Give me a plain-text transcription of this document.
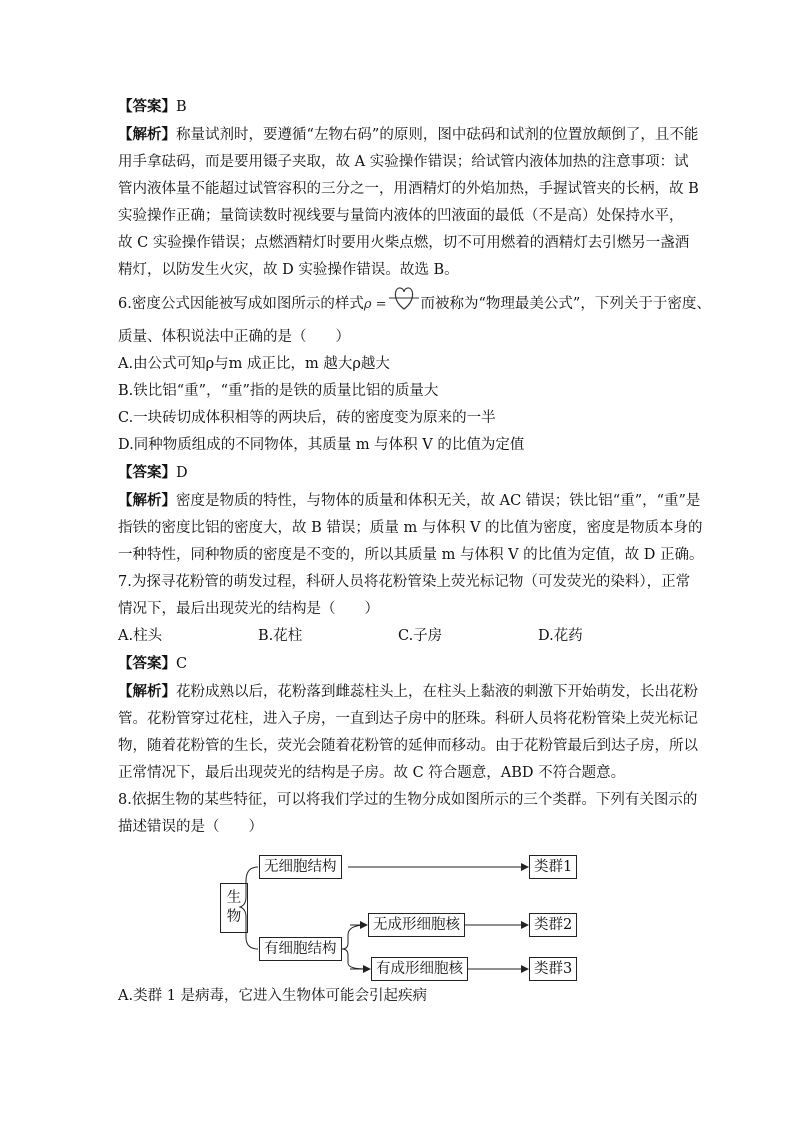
【答案】B
【解析】称量试剂时，要遵循“左物右码”的原则，图中砝码和试剂的位置放颠倒了，且不能
用手拿砝码，而是要用镊子夹取，故 A 实验操作错误；给试管内液体加热的注意事项：试
管内液体量不能超过试管容积的三分之一，用酒精灯的外焰加热，手握试管夹的长柄，故 B
实验操作正确；量筒读数时视线要与量筒内液体的凹液面的最低（不是高）处保持水平，
故 C 实验操作错误；点燃酒精灯时要用火柴点燃，切不可用燃着的酒精灯去引燃另一盏酒
精灯，以防发生火灾，故 D 实验操作错误。故选 B。
6.密度公式因能被写成如图所示的样式ρ = 而被称为“物理最美公式”，下列关于于密度、
质量、体积说法中正确的是（　　）
A.由公式可知ρ与m 成正比，m 越大ρ越大
B.铁比铝“重”，“重”指的是铁的质量比铝的质量大
C.一块砖切成体积相等的两块后，砖的密度变为原来的一半
D.同种物质组成的不同物体，其质量 m 与体积 V 的比值为定值
【答案】D
【解析】密度是物质的特性，与物体的质量和体积无关，故 AC 错误；铁比铝“重”，“重”是
指铁的密度比铝的密度大，故 B 错误；质量 m 与体积 V 的比值为密度，密度是物质本身的
一种特性，同种物质的密度是不变的，所以其质量 m 与体积 V 的比值为定值，故 D 正确。
7.为探寻花粉管的萌发过程，科研人员将花粉管染上荧光标记物（可发荧光的染料），正常
情况下，最后出现荧光的结构是（　　）
A.柱头	B.花柱	C.子房	D.花药
【答案】C
【解析】花粉成熟以后，花粉落到雌蕊柱头上，在柱头上黏液的刺激下开始萌发，长出花粉
管。花粉管穿过花柱，进入子房，一直到达子房中的胚珠。科研人员将花粉管染上荧光标记
物，随着花粉管的生长，荧光会随着花粉管的延伸而移动。由于花粉管最后到达子房，所以
正常情况下，最后出现荧光的结构是子房。故 C 符合题意，ABD 不符合题意。
8.依据生物的某些特征，可以将我们学过的生物分成如图所示的三个类群。下列有关图示的
描述错误的是（　　）
生物
无细胞结构
有细胞结构
无成形细胞核
有成形细胞核
类群1
类群2
类群3
A.类群 1 是病毒，它进入生物体可能会引起疾病
